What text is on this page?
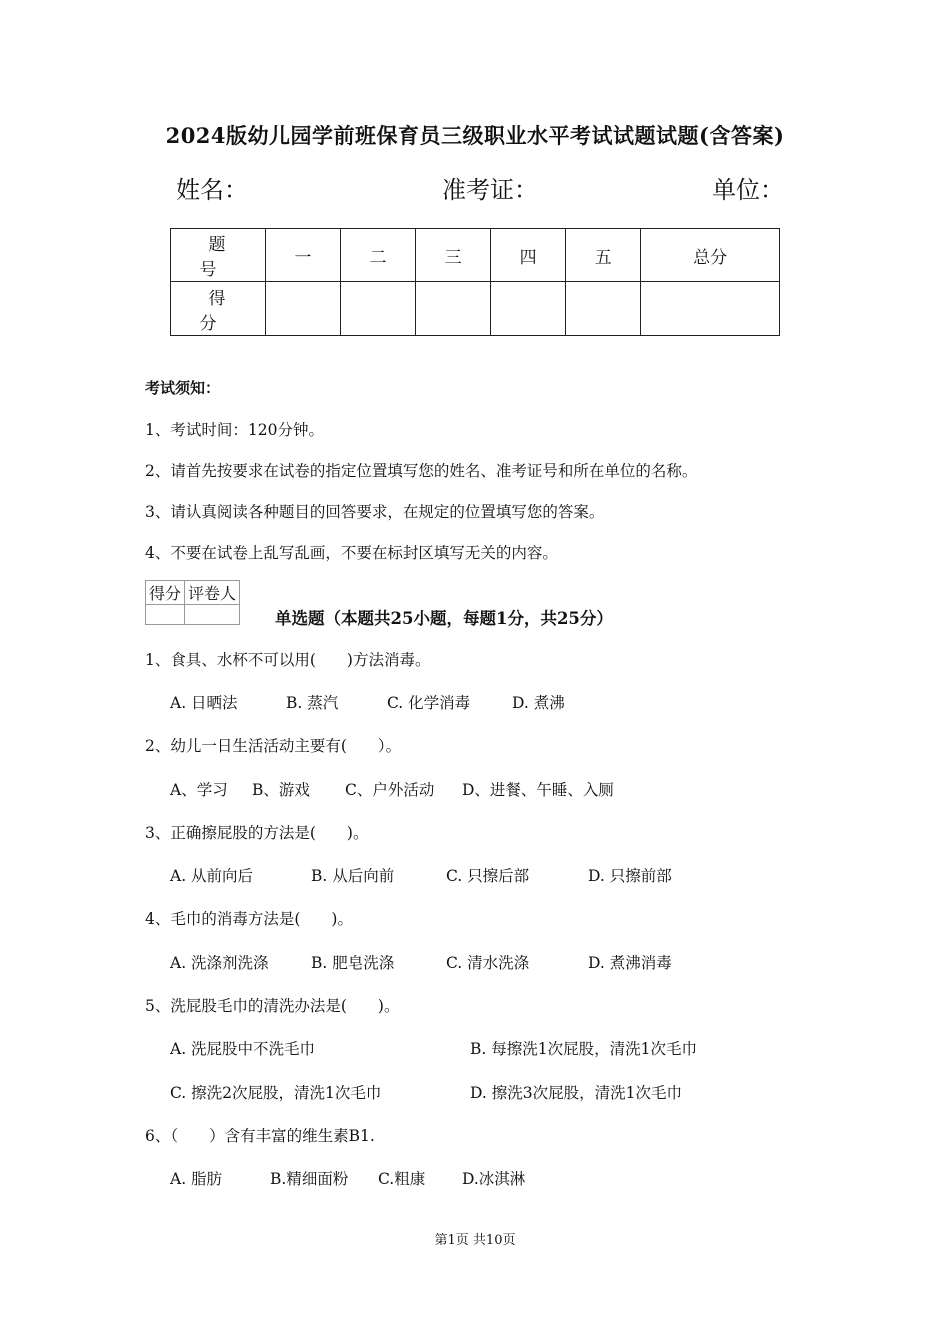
2024版幼儿园学前班保育员三级职业水平考试试题试题(含答案)
姓名：	准考证：	单位：
题　号	一	二	三	四	五	总分
得　分						
考试须知：
1、考试时间：120分钟。
2、请首先按要求在试卷的指定位置填写您的姓名、准考证号和所在单位的名称。
3、请认真阅读各种题目的回答要求，在规定的位置填写您的答案。
4、不要在试卷上乱写乱画，不要在标封区填写无关的内容。
得分	评卷人

单选题（本题共25小题，每题1分，共25分）
1、食具、水杯不可以用(　　)方法消毒。
A. 日晒法	B. 蒸汽	C. 化学消毒	D. 煮沸
2、幼儿一日生活活动主要有(　　）。
A、学习 B、游戏 C、户外活动 D、进餐、午睡、入厕
3、正确擦屁股的方法是(　　)。
A. 从前向后	B. 从后向前	C. 只擦后部	D. 只擦前部
4、毛巾的消毒方法是(　　)。
A. 洗涤剂洗涤	B. 肥皂洗涤	C. 清水洗涤	D. 煮沸消毒
5、洗屁股毛巾的清洗办法是(　　)。
A. 洗屁股中不洗毛巾	B. 每擦洗1次屁股，清洗1次毛巾
C. 擦洗2次屁股，清洗1次毛巾	D. 擦洗3次屁股，清洗1次毛巾
6、（　　）含有丰富的维生素B1.
A. 脂肪	B.精细面粉 C.粗康 D.冰淇淋
第1页 共10页
